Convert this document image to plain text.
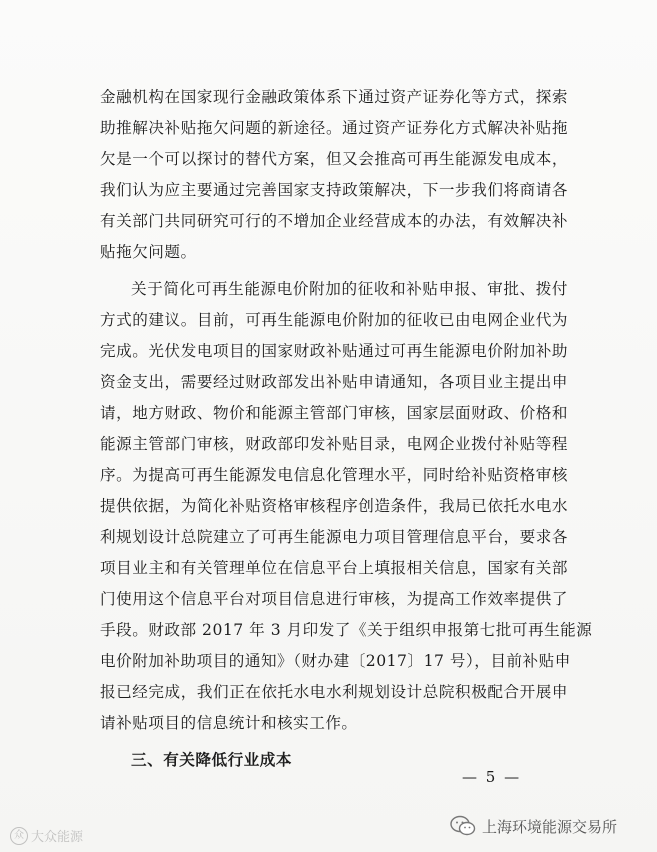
金融机构在国家现行金融政策体系下通过资产证券化等方式，探索
助推解决补贴拖欠问题的新途径。通过资产证券化方式解决补贴拖
欠是一个可以探讨的替代方案，但又会推高可再生能源发电成本，
我们认为应主要通过完善国家支持政策解决，下一步我们将商请各
有关部门共同研究可行的不增加企业经营成本的办法，有效解决补
贴拖欠问题。
关于简化可再生能源电价附加的征收和补贴申报、审批、拨付
方式的建议。目前，可再生能源电价附加的征收已由电网企业代为
完成。光伏发电项目的国家财政补贴通过可再生能源电价附加补助
资金支出，需要经过财政部发出补贴申请通知，各项目业主提出申
请，地方财政、物价和能源主管部门审核，国家层面财政、价格和
能源主管部门审核，财政部印发补贴目录，电网企业拨付补贴等程
序。为提高可再生能源发电信息化管理水平，同时给补贴资格审核
提供依据，为简化补贴资格审核程序创造条件，我局已依托水电水
利规划设计总院建立了可再生能源电力项目管理信息平台，要求各
项目业主和有关管理单位在信息平台上填报相关信息，国家有关部
门使用这个信息平台对项目信息进行审核，为提高工作效率提供了
手段。财政部 2017 年 3 月印发了《关于组织申报第七批可再生能源
电价附加补助项目的通知》（财办建〔2017〕17 号），目前补贴申
报已经完成，我们正在依托水电水利规划设计总院积极配合开展申
请补贴项目的信息统计和核实工作。
三、有关降低行业成本
— 5 —
众 大众能源
上海环境能源交易所
